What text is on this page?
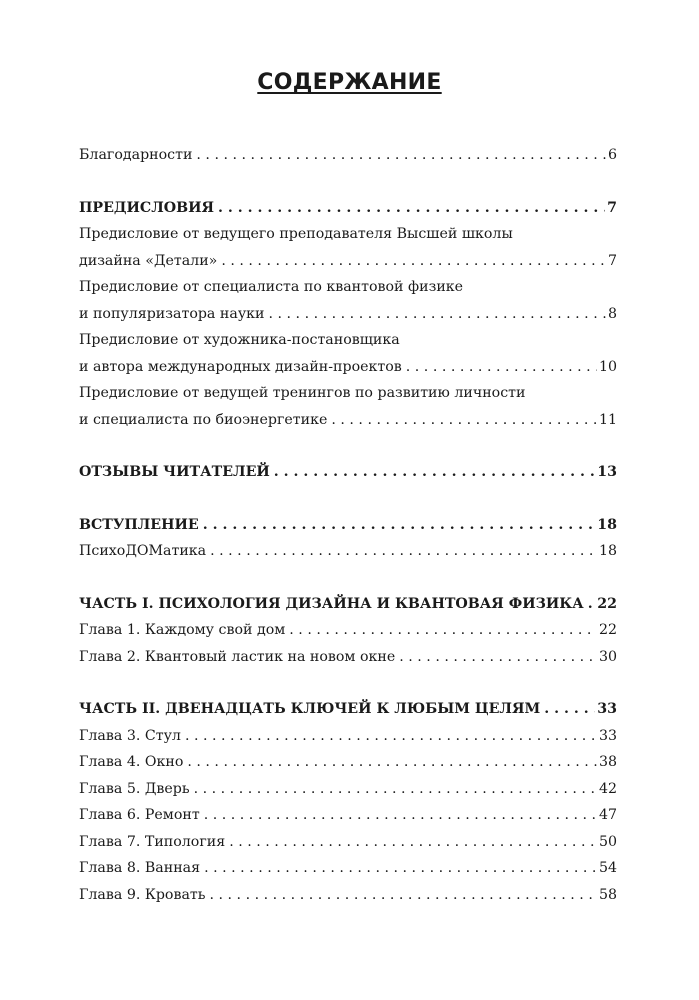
СОДЕРЖАНИЕ
Благодарности . . .	6
ПРЕДИСЛОВИЯ . . .	7
Предисловие от ведущего преподавателя Высшей школы
дизайна «Детали» . . .	7
Предисловие от специалиста по квантовой физике
и популяризатора науки . . .	8
Предисловие от художника-постановщика
и автора международных дизайн-проектов . . .	10
Предисловие от ведущей тренингов по развитию личности
и специалиста по биоэнергетике . . .	11
ОТЗЫВЫ ЧИТАТЕЛЕЙ . . .	13
ВСТУПЛЕНИЕ . . .	18
ПсихоДОМатика . . .	18
ЧАСТЬ I. ПСИХОЛОГИЯ ДИЗАЙНА И КВАНТОВАЯ ФИЗИКА . . . 22
Глава 1. Каждому свой дом . . .	22
Глава 2. Квантовый ластик на новом окне . . .	30
ЧАСТЬ II. ДВЕНАДЦАТЬ КЛЮЧЕЙ К ЛЮБЫМ ЦЕЛЯМ . . .	33
Глава 3. Стул . . .	33
Глава 4. Окно . . .	38
Глава 5. Дверь . . .	42
Глава 6. Ремонт . . .	47
Глава 7. Типология . . .	50
Глава 8. Ванная . . .	54
Глава 9. Кровать . . .	58
